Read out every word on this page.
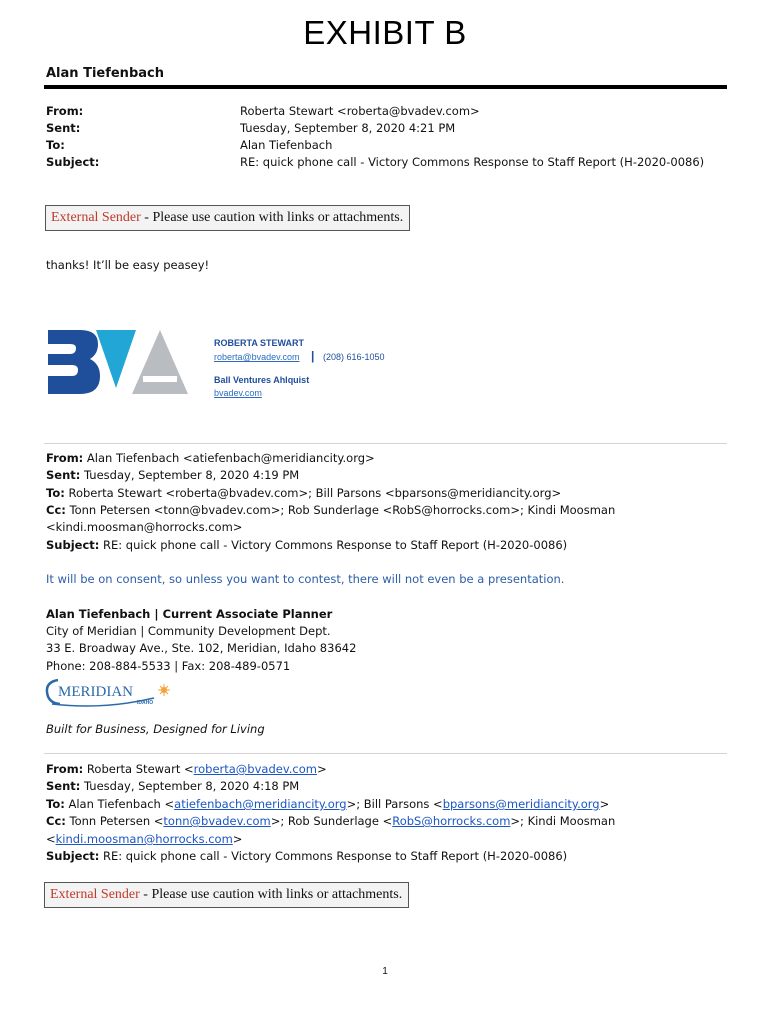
EXHIBIT B
Alan Tiefenbach
From:	Roberta Stewart <roberta@bvadev.com>
Sent:	Tuesday, September 8, 2020 4:21 PM
To:	Alan Tiefenbach
Subject:	RE: quick phone call - Victory Commons Response to Staff Report (H-2020-0086)
External Sender - Please use caution with links or attachments.
thanks! It’ll be easy peasey!
ROBERTA STEWART
roberta@bvadev.com | (208) 616-1050
Ball Ventures Ahlquist
bvadev.com
From: Alan Tiefenbach <atiefenbach@meridiancity.org>
Sent: Tuesday, September 8, 2020 4:19 PM
To: Roberta Stewart <roberta@bvadev.com>; Bill Parsons <bparsons@meridiancity.org>
Cc: Tonn Petersen <tonn@bvadev.com>; Rob Sunderlage <RobS@horrocks.com>; Kindi Moosman
<kindi.moosman@horrocks.com>
Subject: RE: quick phone call - Victory Commons Response to Staff Report (H-2020-0086)
It will be on consent, so unless you want to contest, there will not even be a presentation.
Alan Tiefenbach | Current Associate Planner
City of Meridian | Community Development Dept.
33 E. Broadway Ave., Ste. 102, Meridian, Idaho 83642
Phone: 208-884-5533 | Fax: 208-489-0571
MERIDIAN
IDAHO
Built for Business, Designed for Living
From: Roberta Stewart <roberta@bvadev.com>
Sent: Tuesday, September 8, 2020 4:18 PM
To: Alan Tiefenbach <atiefenbach@meridiancity.org>; Bill Parsons <bparsons@meridiancity.org>
Cc: Tonn Petersen <tonn@bvadev.com>; Rob Sunderlage <RobS@horrocks.com>; Kindi Moosman
<kindi.moosman@horrocks.com>
Subject: RE: quick phone call - Victory Commons Response to Staff Report (H-2020-0086)
External Sender - Please use caution with links or attachments.
1
